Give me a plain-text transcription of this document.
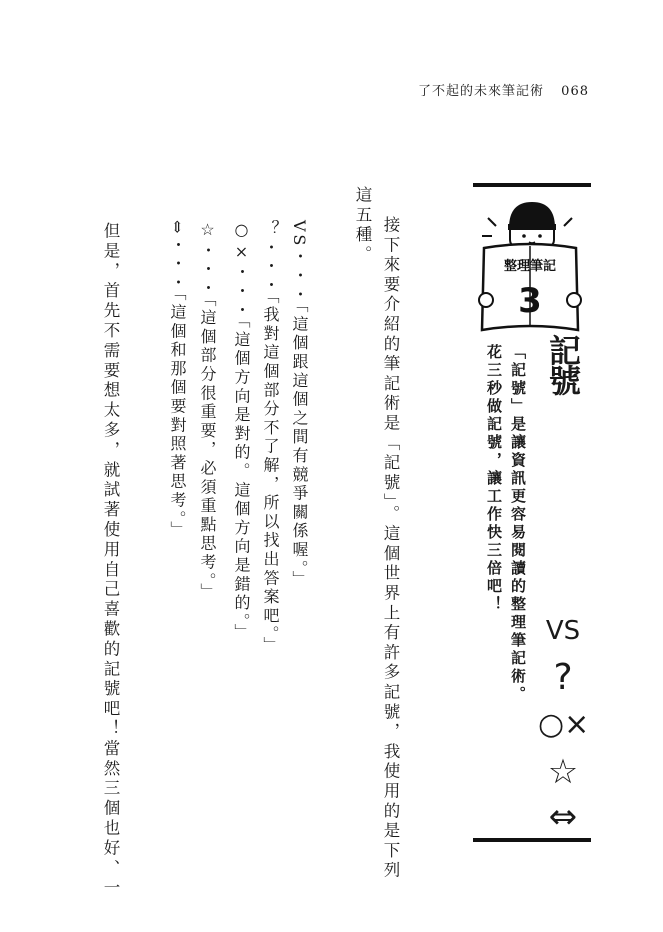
了不起的未來筆記術 068
整理筆記
3
記號
「記號」是讓資訊更容易閱讀的整理筆記術。
花三秒做記號，讓工作快三倍吧！
VS
?
○×
☆
⇔
接下來要介紹的筆記術是「記號」。這個世界上有許多記號，我使用的是下列
這五種。
VS・・・「這個跟這個之間有競爭關係喔。」
？・・・「我對這個部分不了解，所以找出答案吧。」
○×・・・「這個方向是對的。這個方向是錯的。」
☆・・・「這個部分很重要，必須重點思考。」
⇔・・・「這個和那個要對照著思考。」
但是，首先不需要想太多，就試著使用自己喜歡的記號吧！當然三個也好、一
